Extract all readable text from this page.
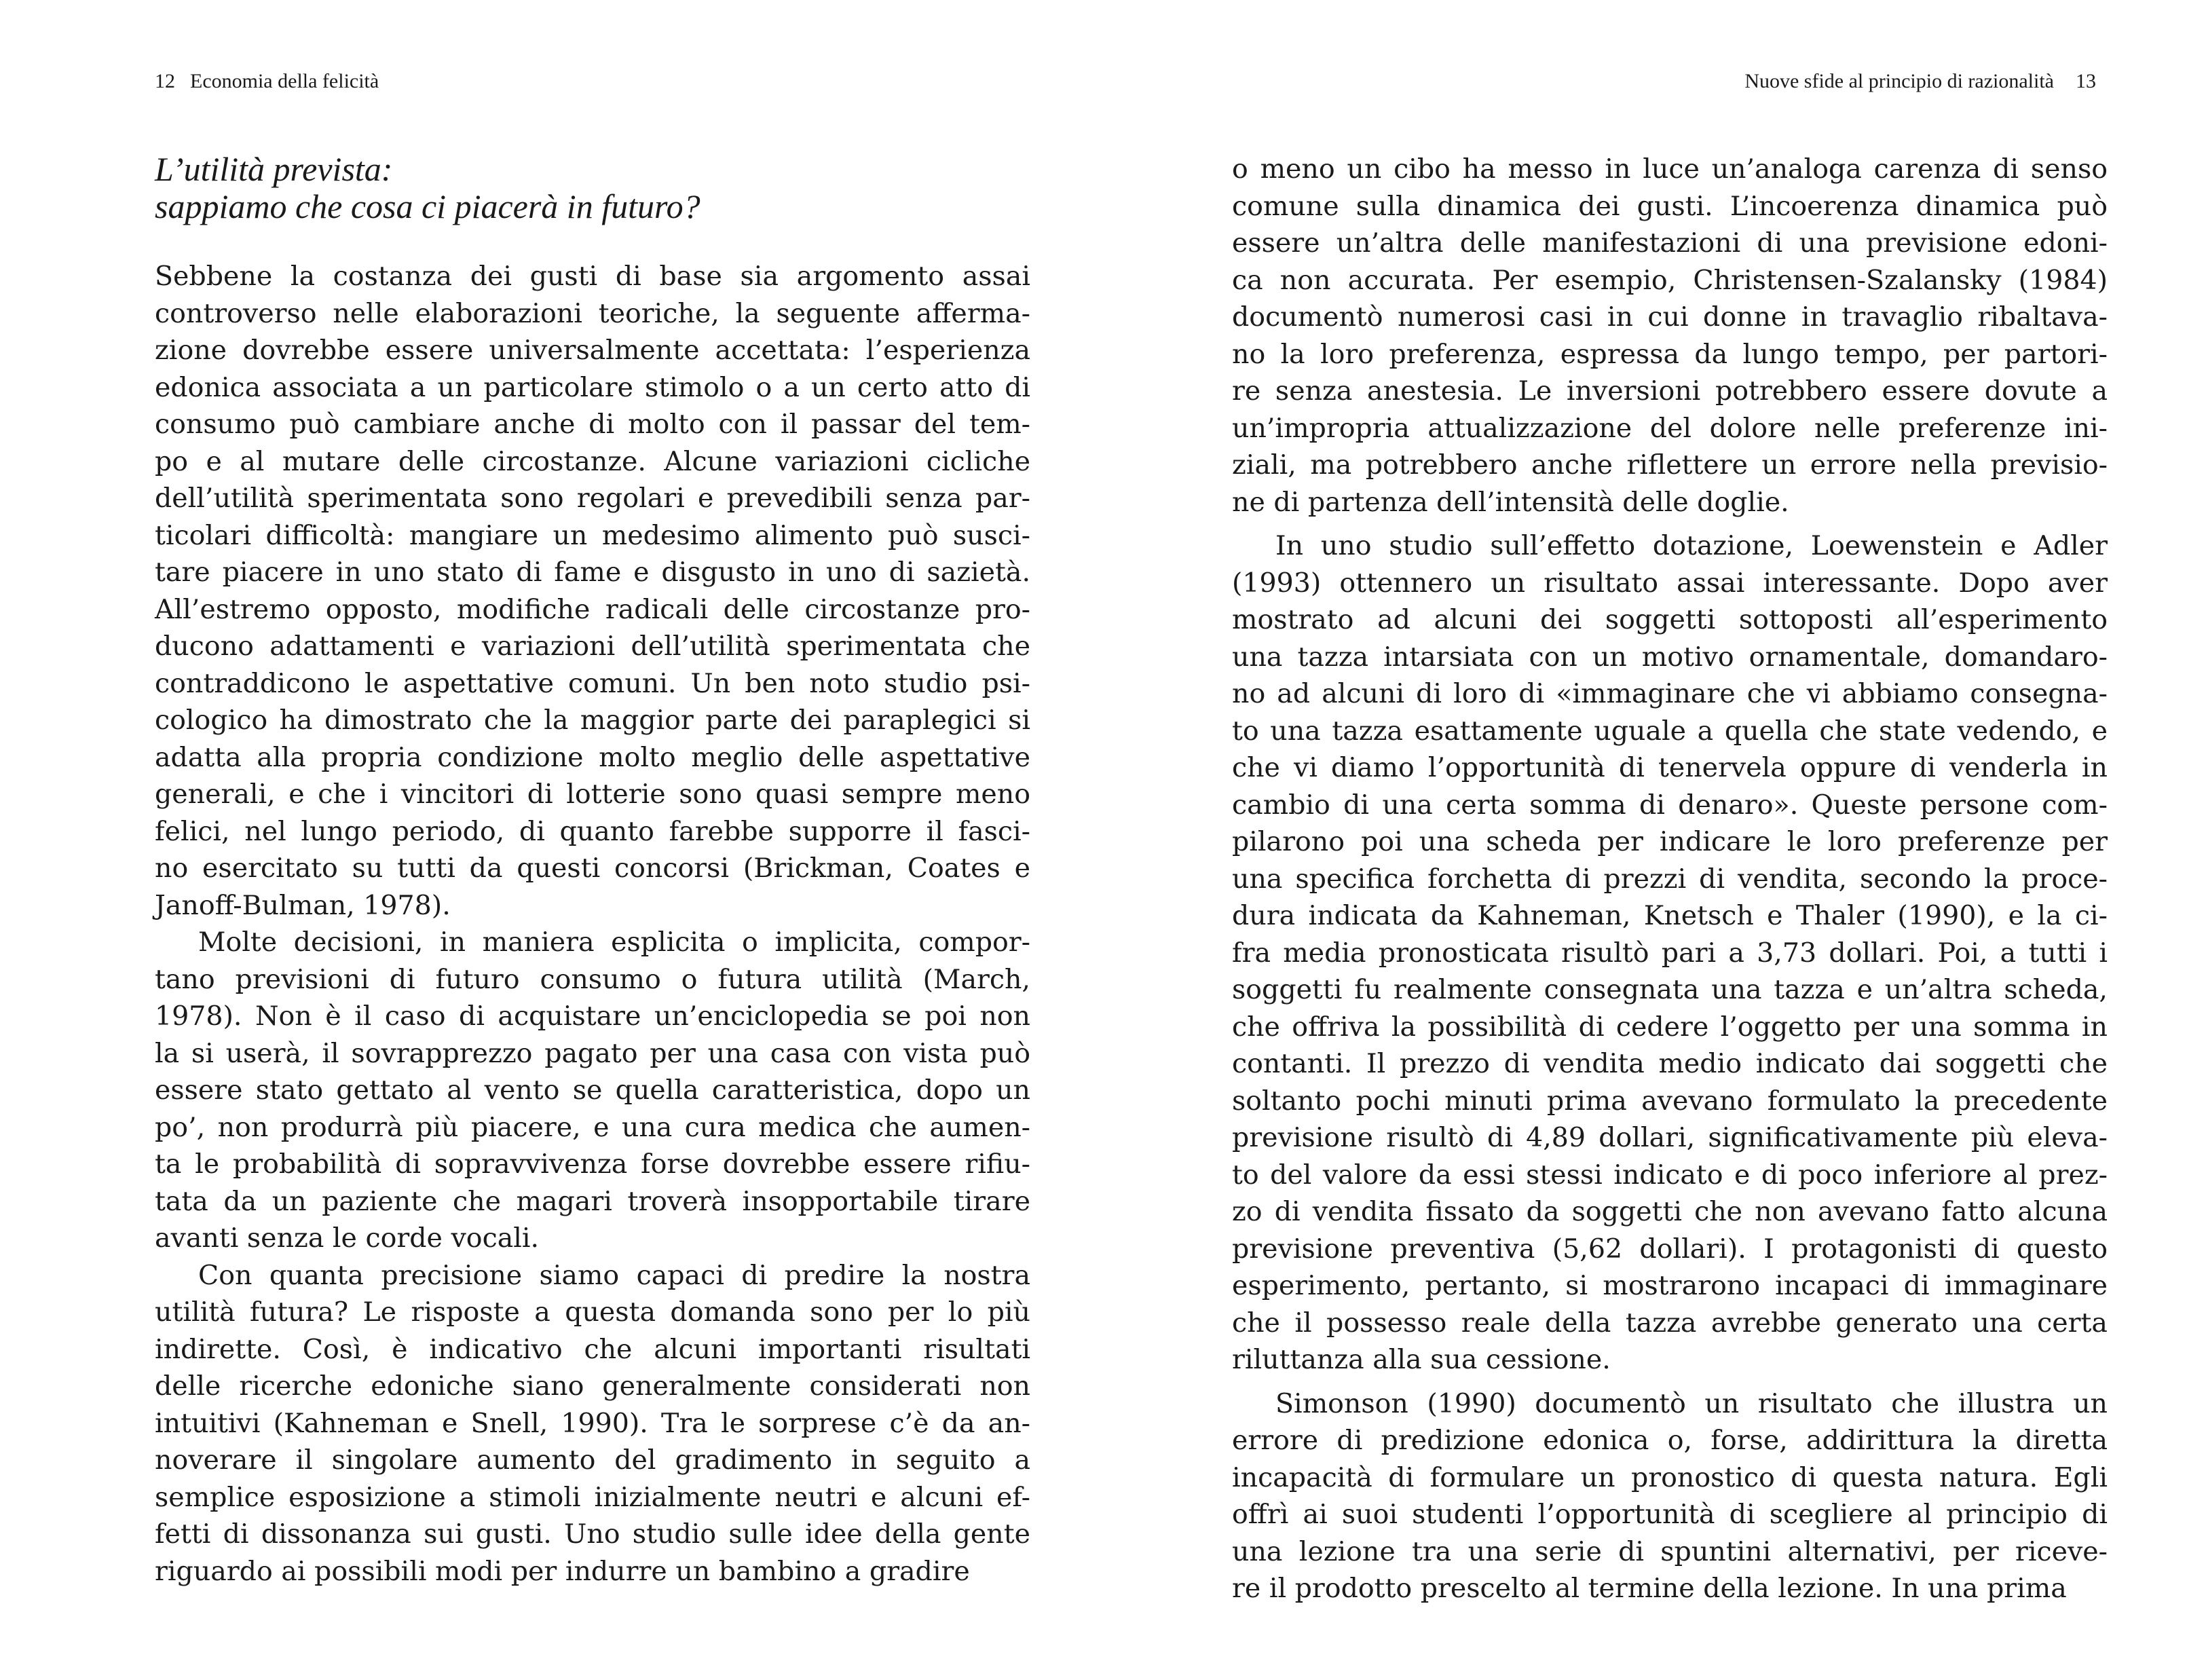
12 Economia della felicità
L’utilità prevista:
sappiamo che cosa ci piacerà in futuro?

Sebbene la costanza dei gusti di base sia argomento assai
controverso nelle elaborazioni teoriche, la seguente afferma-
zione dovrebbe essere universalmente accettata: l’esperienza
edonica associata a un particolare stimolo o a un certo atto di
consumo può cambiare anche di molto con il passar del tem-
po e al mutare delle circostanze. Alcune variazioni cicliche
dell’utilità sperimentata sono regolari e prevedibili senza par-
ticolari difficoltà: mangiare un medesimo alimento può susci-
tare piacere in uno stato di fame e disgusto in uno di sazietà.
All’estremo opposto, modifiche radicali delle circostanze pro-
ducono adattamenti e variazioni dell’utilità sperimentata che
contraddicono le aspettative comuni. Un ben noto studio psi-
cologico ha dimostrato che la maggior parte dei paraplegici si
adatta alla propria condizione molto meglio delle aspettative
generali, e che i vincitori di lotterie sono quasi sempre meno
felici, nel lungo periodo, di quanto farebbe supporre il fasci-
no esercitato su tutti da questi concorsi (Brickman, Coates e
Janoff-Bulman, 1978).

Molte decisioni, in maniera esplicita o implicita, compor-
tano previsioni di futuro consumo o futura utilità (March,
1978). Non è il caso di acquistare un’enciclopedia se poi non
la si userà, il sovrapprezzo pagato per una casa con vista può
essere stato gettato al vento se quella caratteristica, dopo un
po’, non produrrà più piacere, e una cura medica che aumen-
ta le probabilità di sopravvivenza forse dovrebbe essere rifiu-
tata da un paziente che magari troverà insopportabile tirare
avanti senza le corde vocali.

Con quanta precisione siamo capaci di predire la nostra
utilità futura? Le risposte a questa domanda sono per lo più
indirette. Così, è indicativo che alcuni importanti risultati
delle ricerche edoniche siano generalmente considerati non
intuitivi (Kahneman e Snell, 1990). Tra le sorprese c’è da an-
noverare il singolare aumento del gradimento in seguito a
semplice esposizione a stimoli inizialmente neutri e alcuni ef-
fetti di dissonanza sui gusti. Uno studio sulle idee della gente
riguardo ai possibili modi per indurre un bambino a gradire

Nuove sfide al principio di razionalità 13

o meno un cibo ha messo in luce un’analoga carenza di senso
comune sulla dinamica dei gusti. L’incoerenza dinamica può
essere un’altra delle manifestazioni di una previsione edoni-
ca non accurata. Per esempio, Christensen-Szalansky (1984)
documentò numerosi casi in cui donne in travaglio ribaltava-
no la loro preferenza, espressa da lungo tempo, per partori-
re senza anestesia. Le inversioni potrebbero essere dovute a
un’impropria attualizzazione del dolore nelle preferenze ini-
ziali, ma potrebbero anche riflettere un errore nella previsio-
ne di partenza dell’intensità delle doglie.

In uno studio sull’effetto dotazione, Loewenstein e Adler
(1993) ottennero un risultato assai interessante. Dopo aver
mostrato ad alcuni dei soggetti sottoposti all’esperimento
una tazza intarsiata con un motivo ornamentale, domandaro-
no ad alcuni di loro di «immaginare che vi abbiamo consegna-
to una tazza esattamente uguale a quella che state vedendo, e
che vi diamo l’opportunità di tenervela oppure di venderla in
cambio di una certa somma di denaro». Queste persone com-
pilarono poi una scheda per indicare le loro preferenze per
una specifica forchetta di prezzi di vendita, secondo la proce-
dura indicata da Kahneman, Knetsch e Thaler (1990), e la ci-
fra media pronosticata risultò pari a 3,73 dollari. Poi, a tutti i
soggetti fu realmente consegnata una tazza e un’altra scheda,
che offriva la possibilità di cedere l’oggetto per una somma in
contanti. Il prezzo di vendita medio indicato dai soggetti che
soltanto pochi minuti prima avevano formulato la precedente
previsione risultò di 4,89 dollari, significativamente più eleva-
to del valore da essi stessi indicato e di poco inferiore al prez-
zo di vendita fissato da soggetti che non avevano fatto alcuna
previsione preventiva (5,62 dollari). I protagonisti di questo
esperimento, pertanto, si mostrarono incapaci di immaginare
che il possesso reale della tazza avrebbe generato una certa
riluttanza alla sua cessione.

Simonson (1990) documentò un risultato che illustra un
errore di predizione edonica o, forse, addirittura la diretta
incapacità di formulare un pronostico di questa natura. Egli
offrì ai suoi studenti l’opportunità di scegliere al principio di
una lezione tra una serie di spuntini alternativi, per riceve-
re il prodotto prescelto al termine della lezione. In una prima
